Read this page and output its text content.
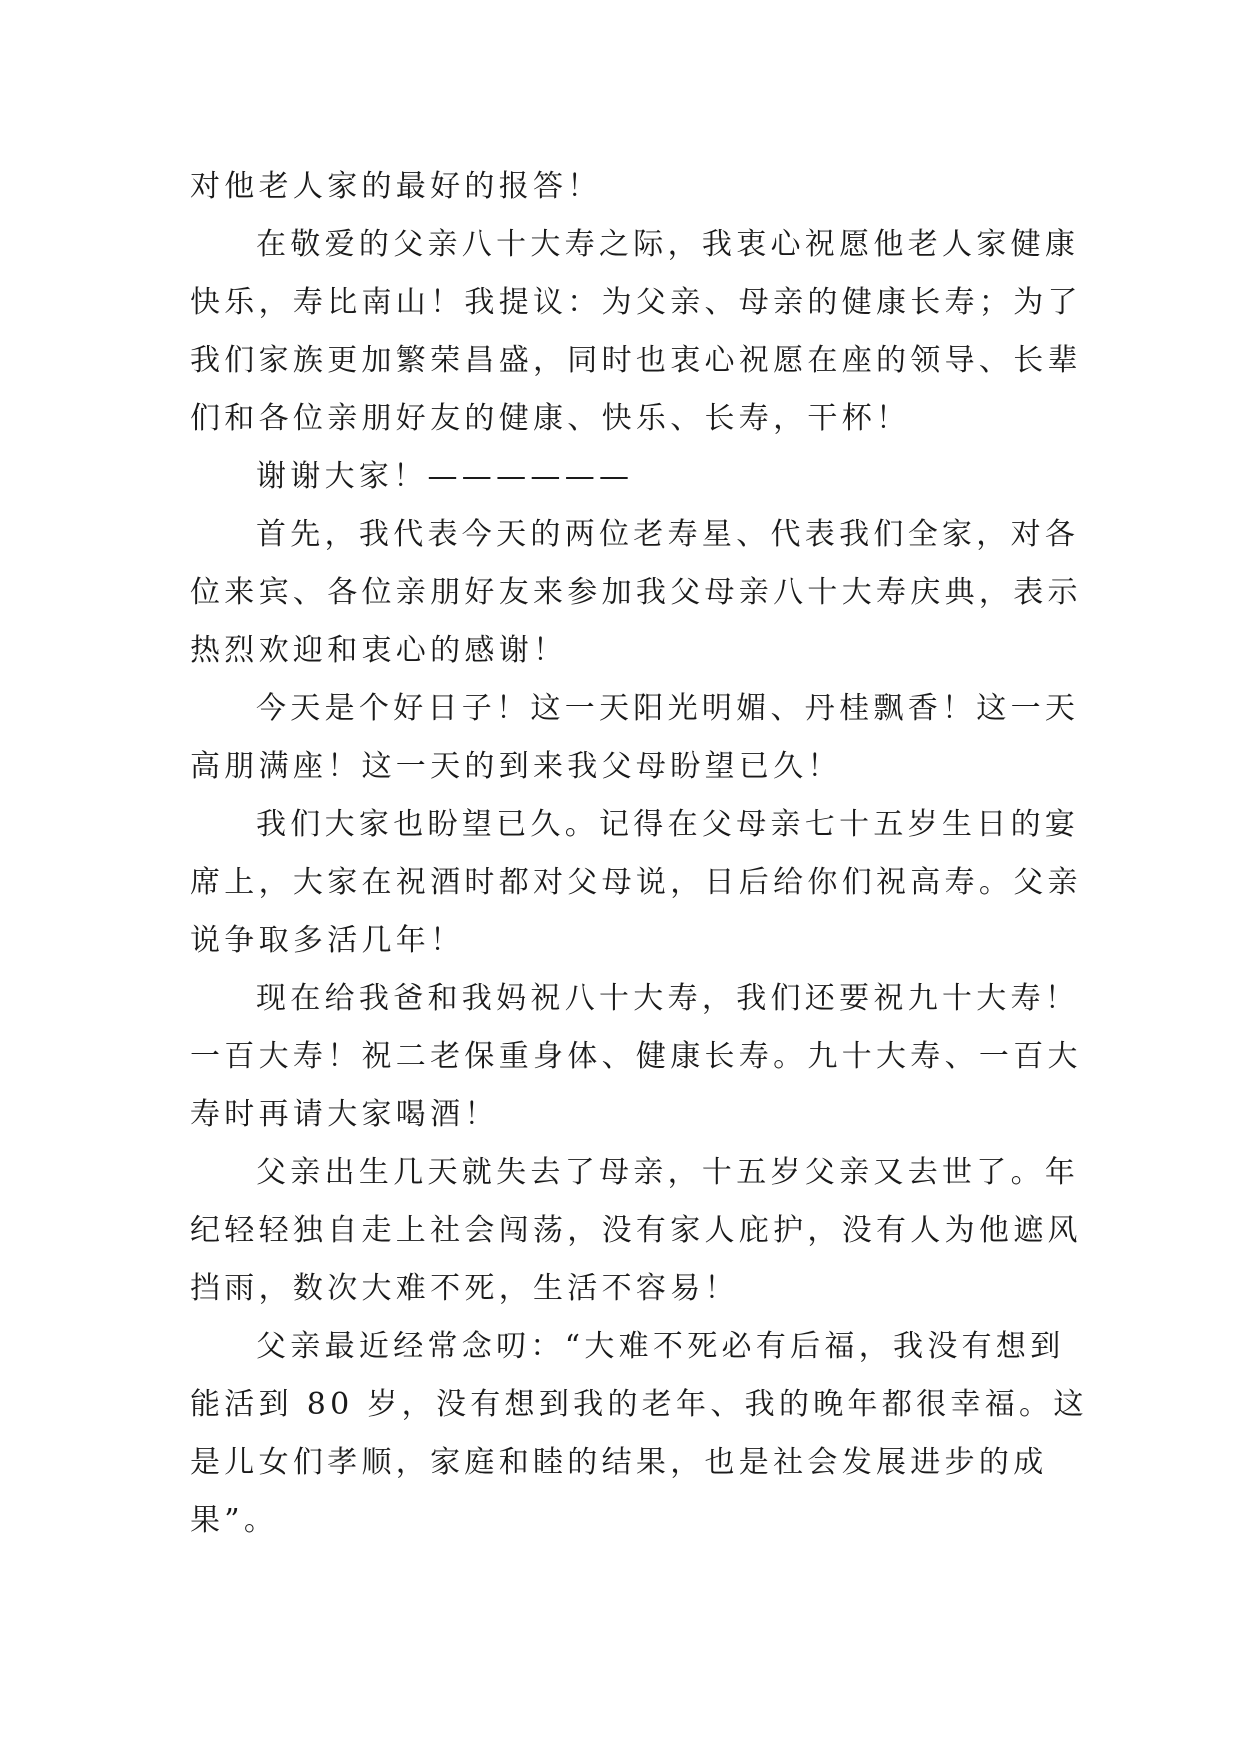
对他老人家的最好的报答！
在敬爱的父亲八十大寿之际，我衷心祝愿他老人家健康
快乐，寿比南山！我提议：为父亲、母亲的健康长寿；为了
我们家族更加繁荣昌盛，同时也衷心祝愿在座的领导、长辈
们和各位亲朋好友的健康、快乐、长寿，干杯！
谢谢大家！——————
首先，我代表今天的两位老寿星、代表我们全家，对各
位来宾、各位亲朋好友来参加我父母亲八十大寿庆典，表示
热烈欢迎和衷心的感谢！
今天是个好日子！这一天阳光明媚、丹桂飘香！这一天
高朋满座！这一天的到来我父母盼望已久！
我们大家也盼望已久。记得在父母亲七十五岁生日的宴
席上，大家在祝酒时都对父母说，日后给你们祝高寿。父亲
说争取多活几年！
现在给我爸和我妈祝八十大寿，我们还要祝九十大寿！
一百大寿！祝二老保重身体、健康长寿。九十大寿、一百大
寿时再请大家喝酒！
父亲出生几天就失去了母亲，十五岁父亲又去世了。年
纪轻轻独自走上社会闯荡，没有家人庇护，没有人为他遮风
挡雨，数次大难不死，生活不容易！
父亲最近经常念叨：“大难不死必有后福，我没有想到
能活到 80 岁，没有想到我的老年、我的晚年都很幸福。这
是儿女们孝顺，家庭和睦的结果，也是社会发展进步的成
果”。
